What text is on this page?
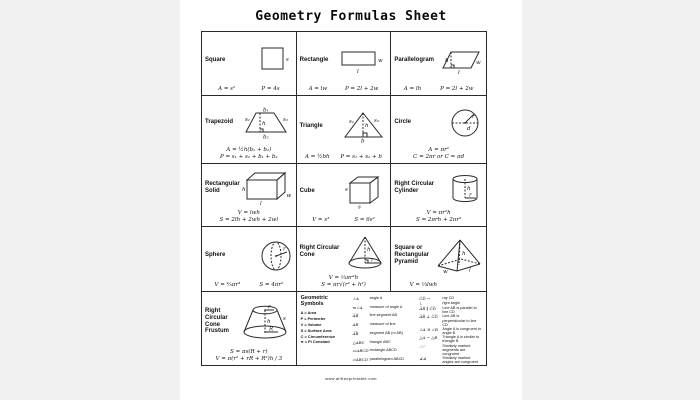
Geometry Formulas Sheet
Square	s
A = s²	P = 4s
Rectangle	w
l
A = lw	P = 2l + 2w
Parallelogram h	w
l
A = lh	P = 2l + 2w
Trapezoid
b₁
s₁	s₂
h
b₂
A = ½h(b₁ + b₂)
P = s₁ + s₂ + b₁ + b₂
Triangle
s₁	s₂
h
b
A = ½bh P = s₁ + s₂ + b
Circle
r
d
A = πr²
C = 2πr or C = πd
Rectangular Solid	h
l
w
V = lwh
S = 2lh + 2wh + 2wl
Cube	s
s
V = s³	S = 6s²
Right Circular Cylinder	h
r
V = πr²h
S = 2πrh + 2πr²
Sphere
r
V = ⁴⁄₃πr³	S = 4πr²
Right Circular Cone
h
r
V = ⅓πr²h
S = πr√(r² + h²)
Square or Rectangular Pyramid
h
w	l
V = ⅓lwh
Right Circular Cone Frustum
r
h s
R
S = πs(R + r)
V = π(r² + rR + R²)h / 3
Geometric Symbols
A = Area
P = Perimeter
V = Volume
S = Surface Area
C = Circumference
π = Pi Constant
∠A	angle A
m∠A	measure of angle A
A̅B̅	line segment AB
AB	measure of line
A͡B	segment AB (m AB)
△ABC	triangle ABC
▭ABCD rectangle ABCD
▱ABCD parallelogram ABCD
C̅D̅ →	ray CD
∟	right angle
A̅B̅ ∥ C̅D̅	Line AB is parallel to line CD
A̅B̅ ⊥ C̅D̅	Line AB is perpendicular to line CD
∠A ≅ ∠B	Angle A is congruent to angle B
△A ~ △B	Triangle A is similar to triangle B
⟋⟋	Similarly marked segments are congruent
∡∡	Similarly marked angles are congruent
www.allfreeprintable.com
